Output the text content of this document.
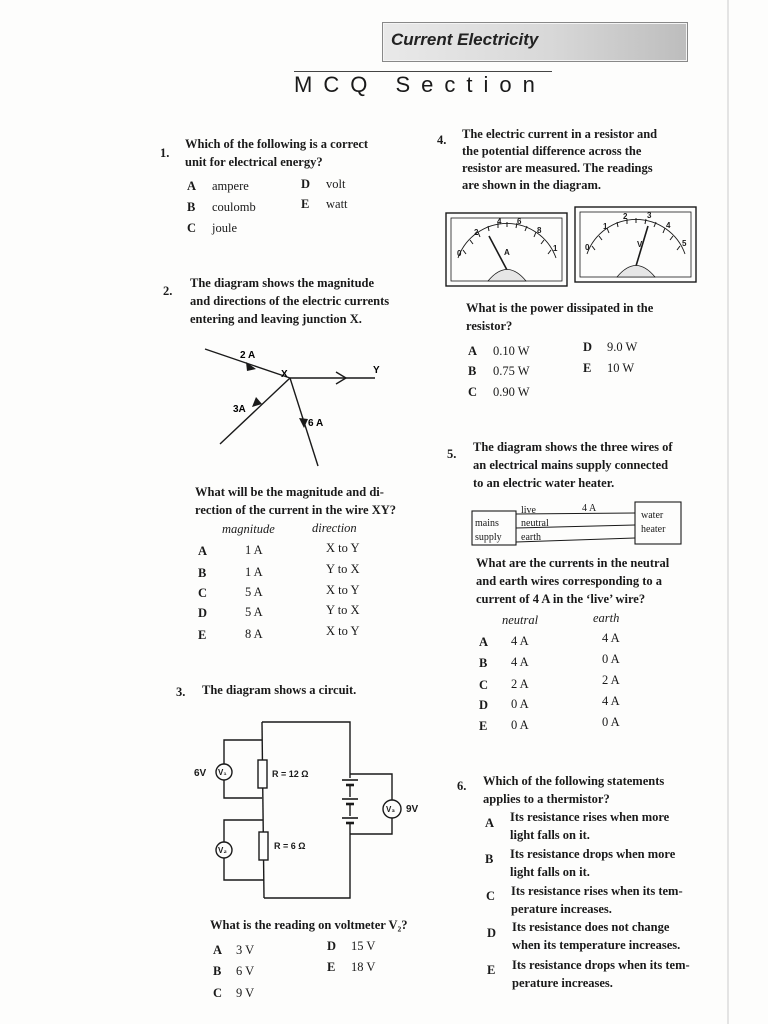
Current Electricity
MCQ Section
1.
Which of the following is a correct
unit for electrical energy?
A ampere
B coulomb
C joule
D volt
E watt
2.
The diagram shows the magnitude
and directions of the electric currents
entering and leaving junction X.
2 A
3A
6 A
X	Y
What will be the magnitude and di-
rection of the current in the wire XY?
magnitude	direction
A	1 A	X to Y
B	1 A	Y to X
C	5 A	X to Y
D	5 A	Y to X
E	8 A	X to Y
3. The diagram shows a circuit.
6V V₁	R = 12 Ω
V₃ 9V
V₂	R = 6 Ω
What is the reading on voltmeter V₂?
A 3 V
B 6 V
C 9 V
D 15 V
E 18 V
4. The electric current in a resistor and
the potential difference across the
resistor are measured. The readings
are shown in the diagram.
0
2
4 6
8
1
A
0
1
2 3
4
5
V
What is the power dissipated in the
resistor?
A 0.10 W
B 0.75 W
C 0.90 W
D 9.0 W
E 10 W
5. The diagram shows the three wires of
an electrical mains supply connected
to an electric water heater.
mains
supply
live
neutral
earth
4 A
water
heater
What are the currents in the neutral
and earth wires corresponding to a
current of 4 A in the ‘live’ wire?
neutral	earth
A 4 A	4 A
B 4 A	0 A
C 2 A	2 A
D 0 A	4 A
E 0 A	0 A
6. Which of the following statements
applies to a thermistor?
A Its resistance rises when more
light falls on it.
B Its resistance drops when more
light falls on it.
C Its resistance rises when its tem-
perature increases.
D Its resistance does not change
when its temperature increases.
E Its resistance drops when its tem-
perature increases.
